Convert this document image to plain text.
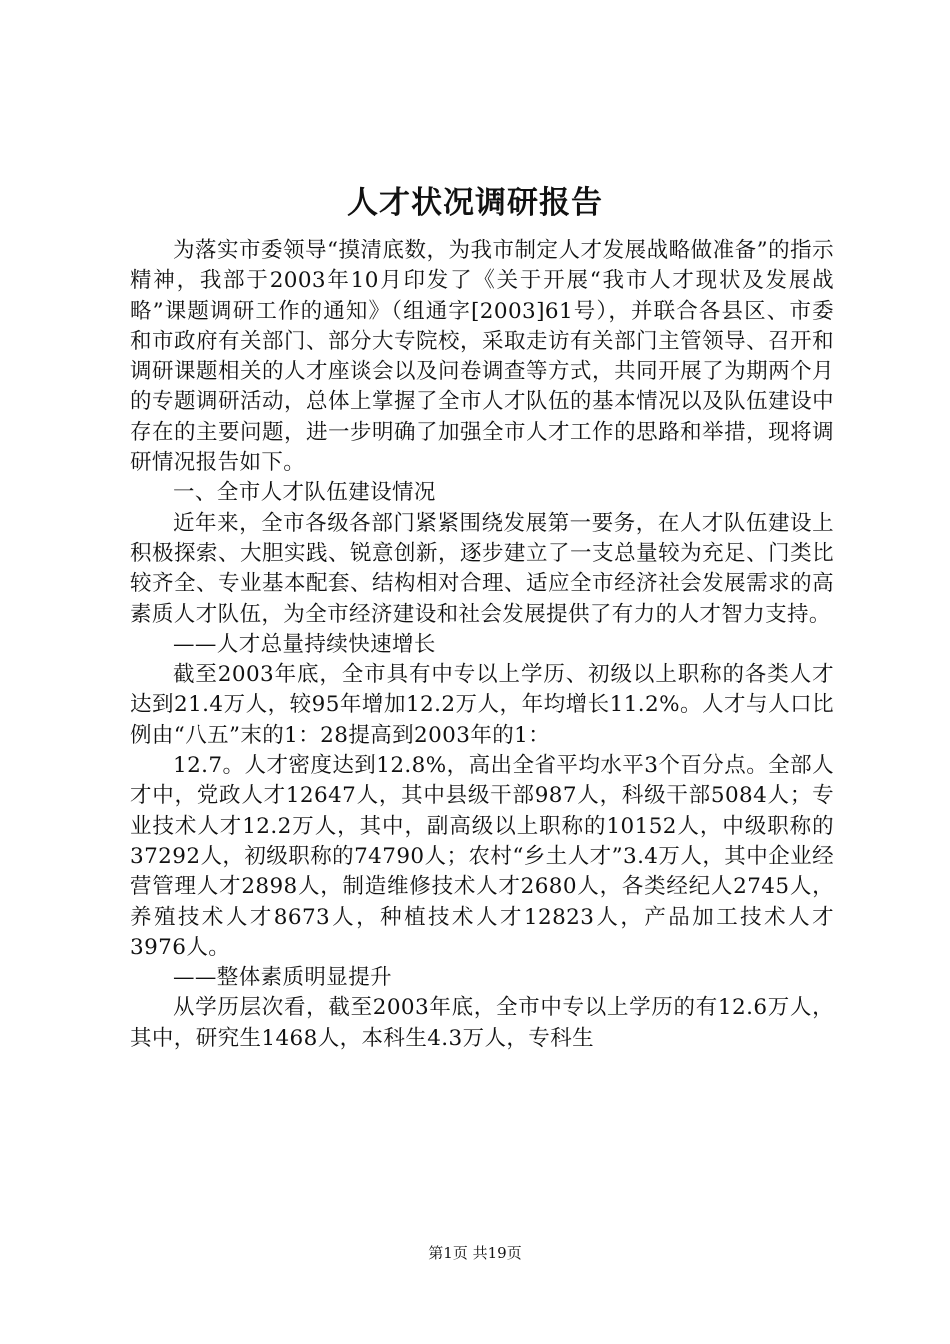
人才状况调研报告

为落实市委领导“摸清底数，为我市制定人才发展战略做准备”的指示精神，我部于2003年10月印发了《关于开展“我市人才现状及发展战略”课题调研工作的通知》（组通字[2003]61号），并联合各县区、市委和市政府有关部门、部分大专院校，采取走访有关部门主管领导、召开和调研课题相关的人才座谈会以及问卷调查等方式，共同开展了为期两个月的专题调研活动，总体上掌握了全市人才队伍的基本情况以及队伍建设中存在的主要问题，进一步明确了加强全市人才工作的思路和举措，现将调研情况报告如下。

一、全市人才队伍建设情况

近年来，全市各级各部门紧紧围绕发展第一要务，在人才队伍建设上积极探索、大胆实践、锐意创新，逐步建立了一支总量较为充足、门类比较齐全、专业基本配套、结构相对合理、适应全市经济社会发展需求的高素质人才队伍，为全市经济建设和社会发展提供了有力的人才智力支持。

——人才总量持续快速增长

截至2003年底，全市具有中专以上学历、初级以上职称的各类人才达到21.4万人，较95年增加12.2万人，年均增长11.2%。人才与人口比例由“八五”末的1：28提高到2003年的1：

12.7。人才密度达到12.8%，高出全省平均水平3个百分点。全部人才中，党政人才12647人，其中县级干部987人，科级干部5084人；专业技术人才12.2万人，其中，副高级以上职称的10152人，中级职称的37292人，初级职称的74790人；农村“乡土人才”3.4万人，其中企业经营管理人才2898人，制造维修技术人才2680人，各类经纪人2745人，养殖技术人才8673人，种植技术人才12823人，产品加工技术人才3976人。

——整体素质明显提升

从学历层次看，截至2003年底，全市中专以上学历的有12.6万人，其中，研究生1468人，本科生4.3万人，专科生

第1页 共19页
